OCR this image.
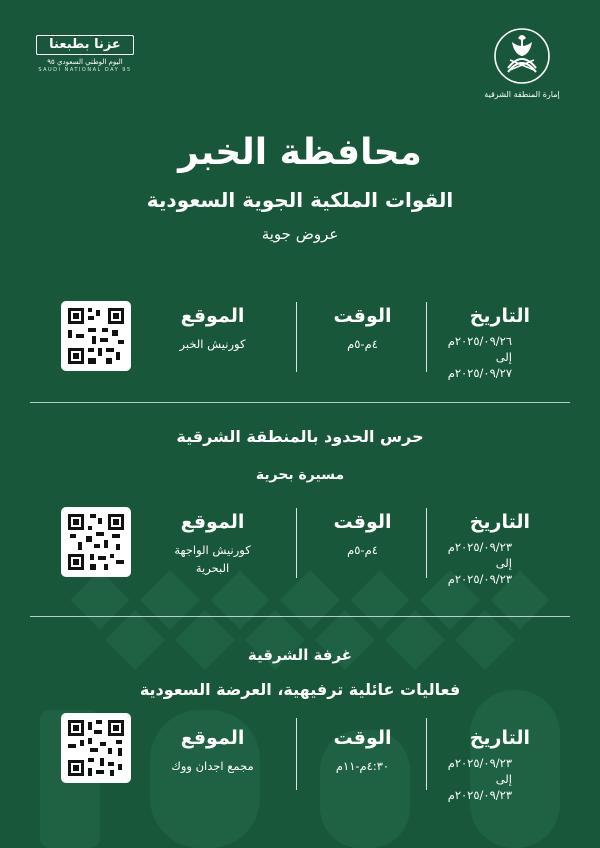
عزنا بطبعنا
اليوم الوطني السعودي ٩٥
SAUDI NATIONAL DAY 95
إمارة المنطقة الشرقية
محافظة الخبر
القوات الملكية الجوية السعودية
عروض جوية
الموقع
كورنيش الخبر
الوقت
٤م-٥م
التاريخ
٢٠٢٥/٠٩/٢٦م
إلى
٢٠٢٥/٠٩/٢٧م
حرس الحدود بالمنطقة الشرقية
مسيرة بحرية
الموقع
كورنيش الواجهة
البحرية
الوقت
٤م-٥م
التاريخ
٢٠٢٥/٠٩/٢٣م
إلى
٢٠٢٥/٠٩/٢٣م
غرفة الشرقية
فعاليات عائلية ترفيهية، العرضة السعودية
الموقع
مجمع اجدان ووك
الوقت
٤:٣٠م-١١م
التاريخ
٢٠٢٥/٠٩/٢٣م
إلى
٢٠٢٥/٠٩/٢٣م
